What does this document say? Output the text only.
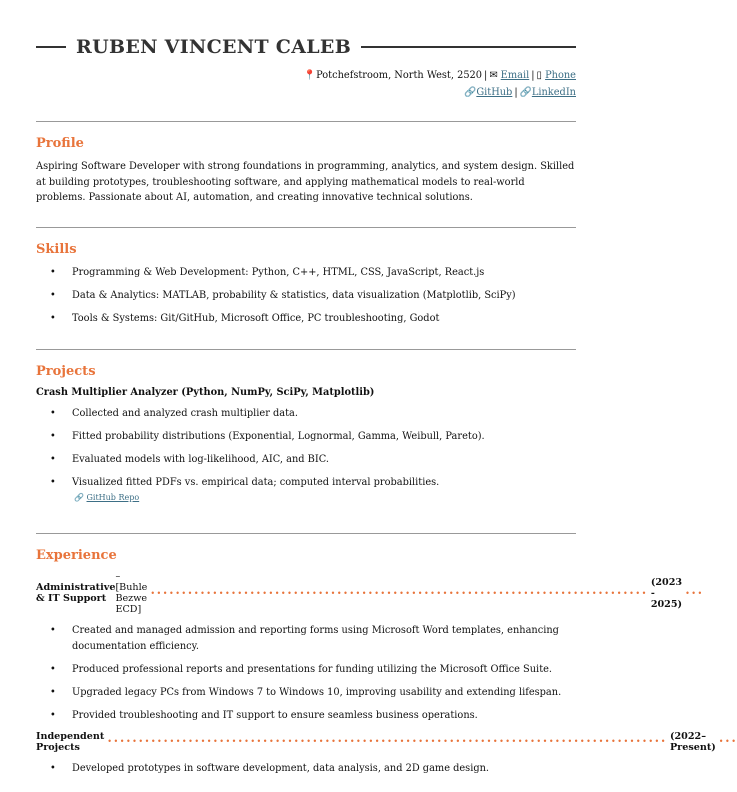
RUBEN VINCENT CALEB
📍Potchefstroom, North West, 2520 | ✉ Email | ▯ Phone
🔗GitHub | 🔗LinkedIn
Profile

Aspiring Software Developer with strong foundations in programming, analytics, and system design. Skilled at building prototypes, troubleshooting software, and applying mathematical models to real-world problems. Passionate about AI, automation, and creating innovative technical solutions.

Skills
• Programming & Web Development: Python, C++, HTML, CSS, JavaScript, React.js
• Data & Analytics: MATLAB, probability & statistics, data visualization (Matplotlib, SciPy)
• Tools & Systems: Git/GitHub, Microsoft Office, PC troubleshooting, Godot
Projects
Crash Multiplier Analyzer (Python, NumPy, SciPy, Matplotlib)
• Collected and analyzed crash multiplier data.
• Fitted probability distributions (Exponential, Lognormal, Gamma, Weibull, Pareto).
• Evaluated models with log-likelihood, AIC, and BIC.
• Visualized fitted PDFs vs. empirical data; computed interval probabilities.
🔗 GitHub Repo
Experience
Administrative & IT Support
– [Buhle Bezwe ECD]
••••••••••••••••••••••••••••••••••••••••••••••••••••••••••••••••••••••••••••••••
(2023 - 2025)
•••
• Created and managed admission and reporting forms using Microsoft Word templates, enhancing documentation efficiency.
• Produced professional reports and presentations for funding utilizing the Microsoft Office Suite.
• Upgraded legacy PCs from Windows 7 to Windows 10, improving usability and extending lifespan.
• Provided troubleshooting and IT support to ensure seamless business operations.
Independent Projects	•••••••••••••••••••••••••••••••••••••••••••••••••••••••••••••••••••••••••••••••••••••••••• (2022–Present) •••
• Developed prototypes in software development, data analysis, and 2D game design.
